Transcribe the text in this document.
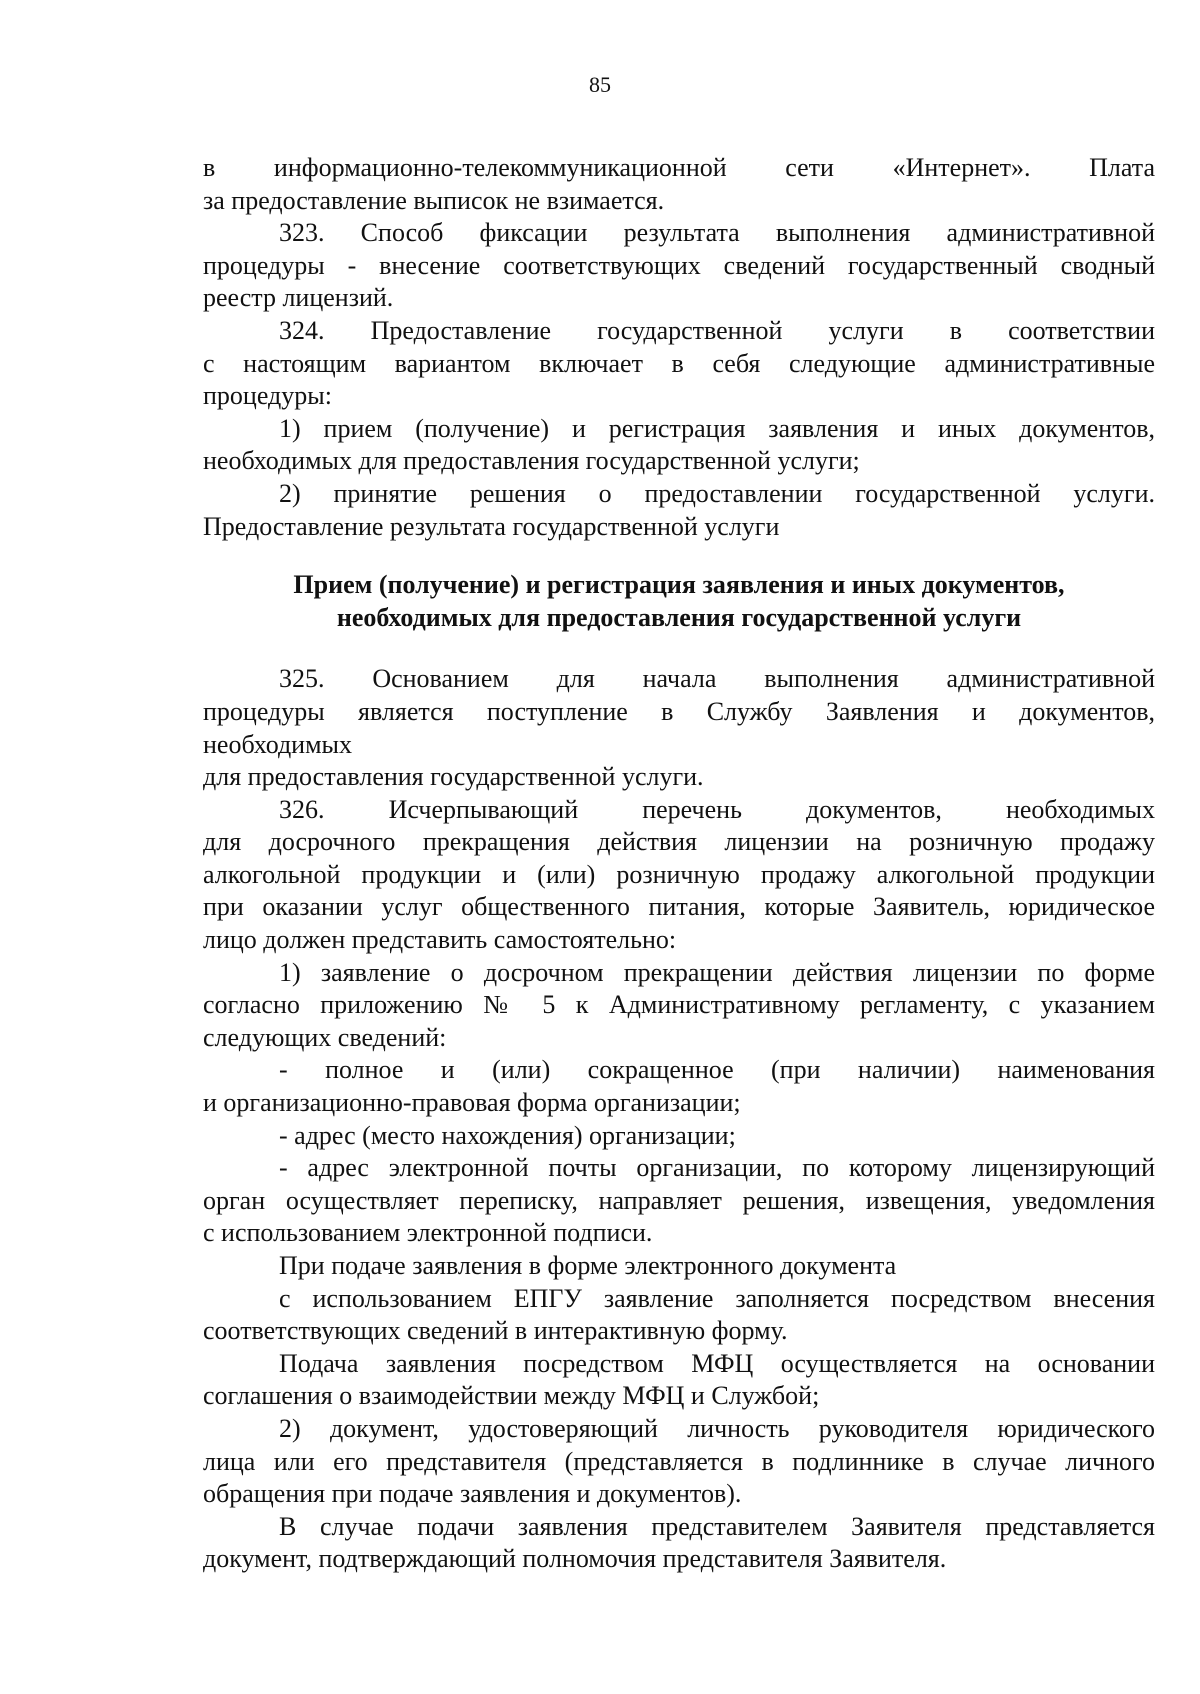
85
в информационно-телекоммуникационной сети «Интернет». Плата
за предоставление выписок не взимается.
323. Способ фиксации результата выполнения административной
процедуры - внесение соответствующих сведений государственный сводный
реестр лицензий.
324. Предоставление государственной услуги в соответствии
с настоящим вариантом включает в себя следующие административные
процедуры:
1) прием (получение) и регистрация заявления и иных документов,
необходимых для предоставления государственной услуги;
2) принятие решения о предоставлении государственной услуги.
Предоставление результата государственной услуги
Прием (получение) и регистрация заявления и иных документов,
необходимых для предоставления государственной услуги
325. Основанием для начала выполнения административной
процедуры является поступление в Службу Заявления и документов,
необходимых
для предоставления государственной услуги.
326. Исчерпывающий перечень документов, необходимых
для досрочного прекращения действия лицензии на розничную продажу
алкогольной продукции и (или) розничную продажу алкогольной продукции
при оказании услуг общественного питания, которые Заявитель, юридическое
лицо должен представить самостоятельно:
1) заявление о досрочном прекращении действия лицензии по форме
согласно приложению № 5 к Административному регламенту, с указанием
следующих сведений:
- полное и (или) сокращенное (при наличии) наименования
и организационно-правовая форма организации;
- адрес (место нахождения) организации;
- адрес электронной почты организации, по которому лицензирующий
орган осуществляет переписку, направляет решения, извещения, уведомления
с использованием электронной подписи.
При подаче заявления в форме электронного документа
с использованием ЕПГУ заявление заполняется посредством внесения
соответствующих сведений в интерактивную форму.
Подача заявления посредством МФЦ осуществляется на основании
соглашения о взаимодействии между МФЦ и Службой;
2) документ, удостоверяющий личность руководителя юридического
лица или его представителя (представляется в подлиннике в случае личного
обращения при подаче заявления и документов).
В случае подачи заявления представителем Заявителя представляется
документ, подтверждающий полномочия представителя Заявителя.
